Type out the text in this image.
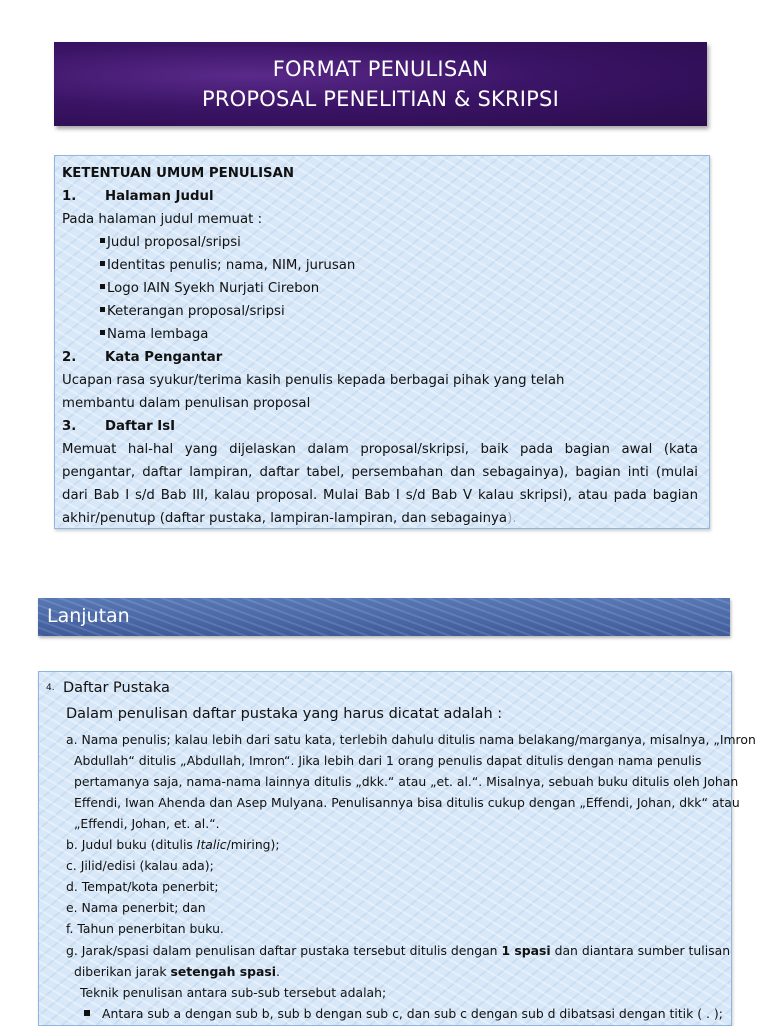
FORMAT PENULISAN
PROPOSAL PENELITIAN & SKRIPSI
KETENTUAN UMUM PENULISAN
1. Halaman Judul
Pada halaman judul memuat :
Judul proposal/sripsi
Identitas penulis; nama, NIM, jurusan
Logo IAIN Syekh Nurjati Cirebon
Keterangan proposal/sripsi
Nama lembaga
2. Kata Pengantar
Ucapan rasa syukur/terima kasih penulis kepada berbagai pihak yang telah
membantu dalam penulisan proposal
3. Daftar IsI
Memuat hal-hal yang dijelaskan dalam proposal/skripsi, baik pada bagian awal (kata pengantar, daftar lampiran, daftar tabel, persembahan dan sebagainya), bagian inti (mulai dari Bab I s/d Bab III, kalau proposal. Mulai Bab I s/d Bab V kalau skripsi), atau pada bagian akhir/penutup (daftar pustaka, lampiran-lampiran, dan sebagainya).
Lanjutan
4. Daftar Pustaka
Dalam penulisan daftar pustaka yang harus dicatat adalah :
a. Nama penulis; kalau lebih dari satu kata, terlebih dahulu ditulis nama belakang/marganya, misalnya, „Imron
Abdullah“ ditulis „Abdullah, Imron“. Jika lebih dari 1 orang penulis dapat ditulis dengan nama penulis
pertamanya saja, nama-nama lainnya ditulis „dkk.“ atau „et. al.“. Misalnya, sebuah buku ditulis oleh Johan
Effendi, Iwan Ahenda dan Asep Mulyana. Penulisannya bisa ditulis cukup dengan „Effendi, Johan, dkk“ atau
„Effendi, Johan, et. al.“.
b. Judul buku (ditulis Italic/miring);
c. Jilid/edisi (kalau ada);
d. Tempat/kota penerbit;
e. Nama penerbit; dan
f. Tahun penerbitan buku.
g. Jarak/spasi dalam penulisan daftar pustaka tersebut ditulis dengan 1 spasi dan diantara sumber tulisan
diberikan jarak setengah spasi.
Teknik penulisan antara sub-sub tersebut adalah;
Antara sub a dengan sub b, sub b dengan sub c, dan sub c dengan sub d dibatsasi dengan titik ( . );
